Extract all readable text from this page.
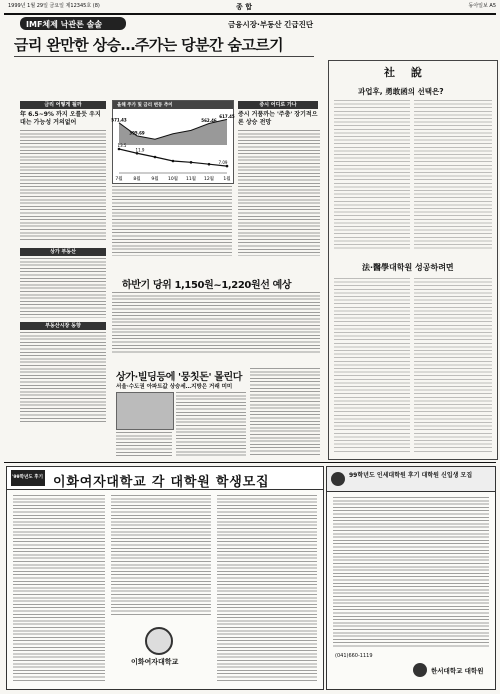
1999년 1월 29일 금요일 제12345호 (8)	종 합	동아일보 A5
IMF체제 낙관론 솔솔	금융시장·부동산 긴급진단
금리 완만한 상승…주가는 당분간 숨고르기
금리 어떻게 될까
年 6.5~9% 까지 오를듯 우지대는 가능성 거의없어
올해 주가 및 금리 변동 추이
7월 8월 9월 10월 11월 12월 1월
571.43
395.69
562.46
617.45
11.9
13.5
7.09
증시 어디로 가나
증시 거품까는 '주춤' 장기적으론 상승 전망
상가 부동산
하반기 당위 1,150원~1,220원선 예상
부동산시장 동향
상가·빌딩등에 '뭉칫돈' 몰린다
서울·수도권 아파트값 상승세…지방은 거래 미미
社 說
과업후, 勇敢函의 선택은?
法·醫學대학원 성공하려면
'99학년도 후기 이화여자대학교 각 대학원 학생모집
이화여자대학교
99학년도 인세대학원 후기 대학원 신입생 모집
(041)660-1119
한서대학교 대학원
